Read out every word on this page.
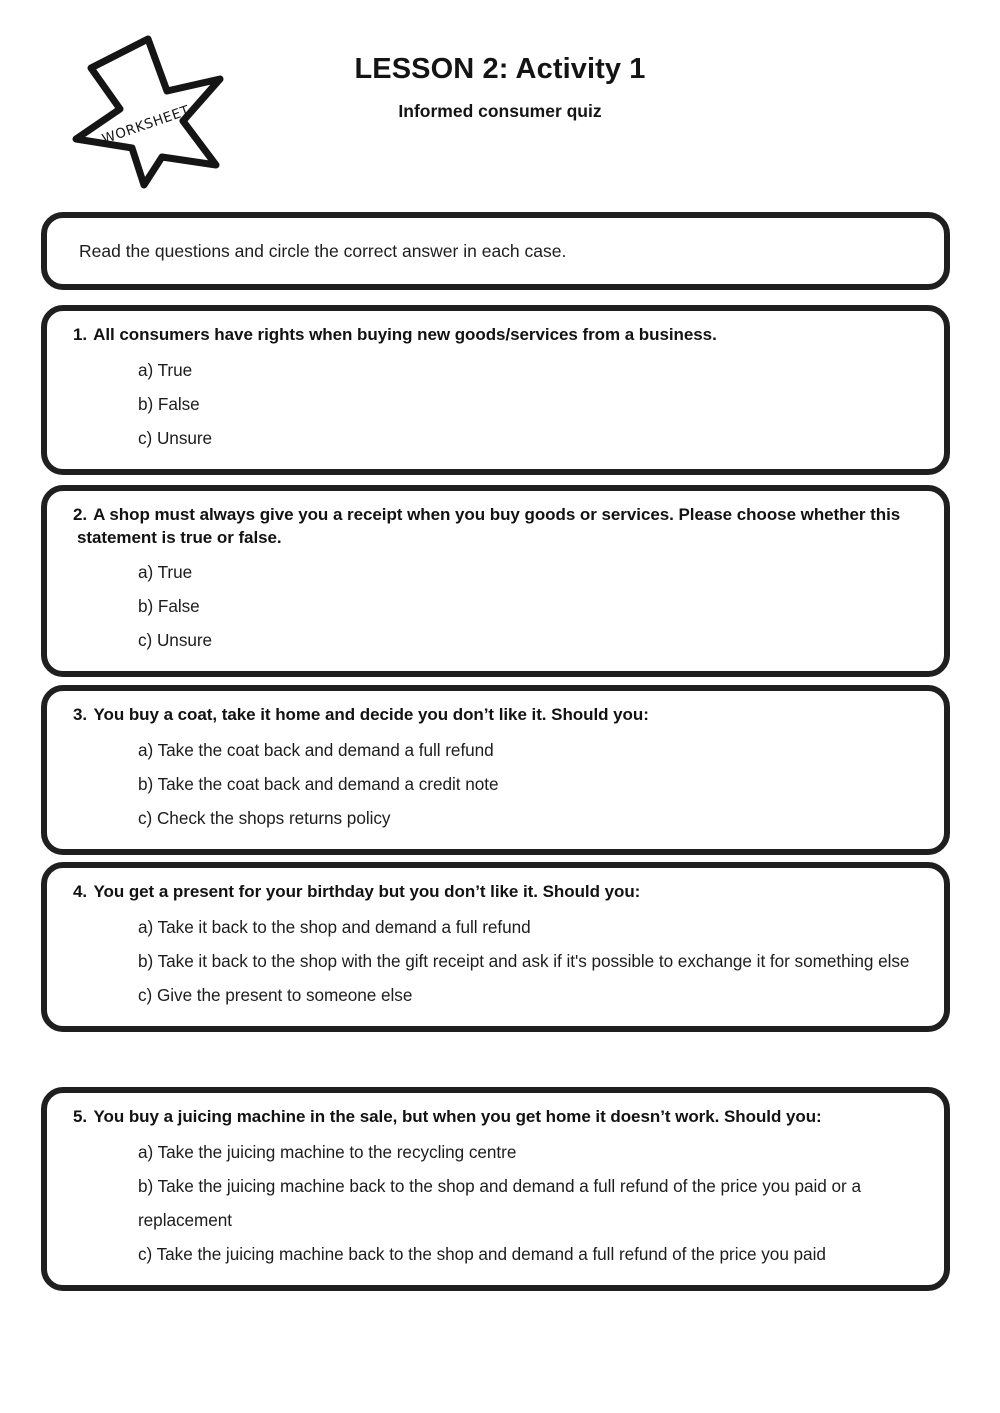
WORKSHEET
LESSON 2: Activity 1
Informed consumer quiz
Read the questions and circle the correct answer in each case.

1. All consumers have rights when buying new goods/services from a business.

a) True
b) False
c) Unsure

2. A shop must always give you a receipt when you buy goods or services. Please choose whether this statement is true or false.

a) True
b) False
c) Unsure

3. You buy a coat, take it home and decide you don’t like it. Should you:

a) Take the coat back and demand a full refund
b) Take the coat back and demand a credit note
c) Check the shops returns policy

4. You get a present for your birthday but you don’t like it. Should you:

a) Take it back to the shop and demand a full refund
b) Take it back to the shop with the gift receipt and ask if it's possible to exchange it for something else
c) Give the present to someone else

5. You buy a juicing machine in the sale, but when you get home it doesn’t work. Should you:

a) Take the juicing machine to the recycling centre
b) Take the juicing machine back to the shop and demand a full refund of the price you paid or a replacement
c) Take the juicing machine back to the shop and demand a full refund of the price you paid
